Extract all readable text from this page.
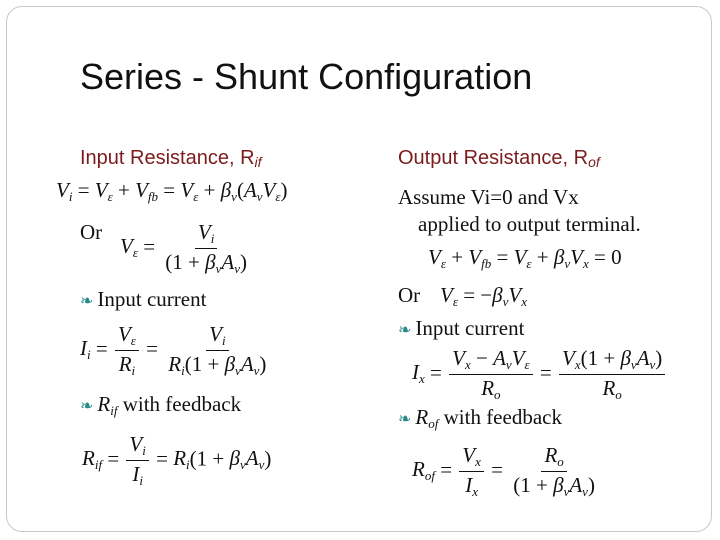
Series - Shunt Configuration
Input Resistance, $R_{if}$
$V_i = V_\varepsilon + V_{fb} = V_\varepsilon + \beta_v(A_vV_\varepsilon)$
Or
$V_\varepsilon = \frac{V_i}{(1 + \beta_vA_v)}$
❧ Input current
$I_i = \frac{V_\varepsilon}{R_i} = \frac{V_i}{R_i(1 + \beta_vA_v)}$
❧ $R_{if}$ with feedback
$R_{if} = \frac{V_i}{I_i} = R_i(1 + \beta_vA_v)$
Output Resistance, $R_{of}$
Assume Vi=0 and Vx
applied to output terminal.
$V_\varepsilon + V_{fb} = V_\varepsilon + \beta_vV_x = 0$
Or $V_\varepsilon = -\beta_vV_x$
❧ Input current
$I_x = \frac{V_x - A_vV_\varepsilon}{R_o} = \frac{V_x(1 + \beta_vA_v)}{R_o}$
❧ $R_{of}$ with feedback
$R_{of} = \frac{V_x}{I_x} = \frac{R_o}{(1 + \beta_vA_v)}$
